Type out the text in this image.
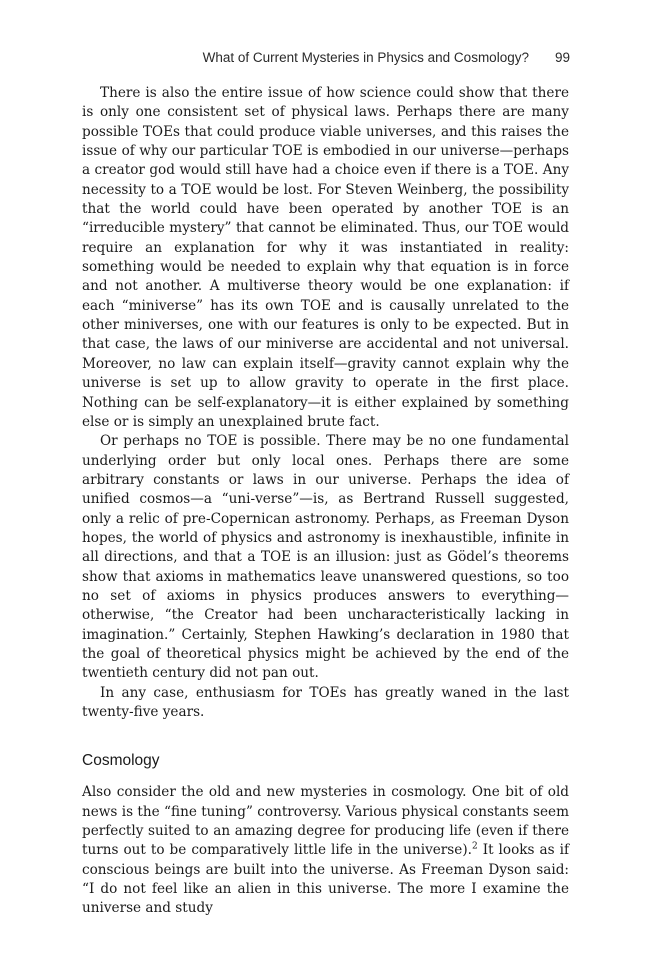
What of Current Mysteries in Physics and Cosmology? 99

There is also the entire issue of how science could show that there is only one consistent set of physical laws. Perhaps there are many possible TOEs that could produce viable universes, and this raises the issue of why our particular TOE is embodied in our universe—perhaps a creator god would still have had a choice even if there is a TOE. Any necessity to a TOE would be lost. For Steven Weinberg, the possibility that the world could have been operated by another TOE is an “irreducible mystery” that cannot be eliminated. Thus, our TOE would require an explanation for why it was instantiated in reality: something would be needed to explain why that equation is in force and not another. A multiverse theory would be one explanation: if each “miniverse” has its own TOE and is causally unrelated to the other miniverses, one with our features is only to be expected. But in that case, the laws of our miniverse are accidental and not universal. Moreover, no law can explain itself—gravity cannot explain why the universe is set up to allow gravity to operate in the first place. Nothing can be self-explanatory—it is either explained by something else or is simply an unexplained brute fact.

Or perhaps no TOE is possible. There may be no one fundamental underlying order but only local ones. Perhaps there are some arbitrary constants or laws in our universe. Perhaps the idea of unified cosmos—a “uni-verse”—is, as Bertrand Russell suggested, only a relic of pre-Copernican astronomy. Perhaps, as Freeman Dyson hopes, the world of physics and astronomy is inexhaustible, infinite in all directions, and that a TOE is an illusion: just as Gödel’s theorems show that axioms in mathematics leave unanswered questions, so too no set of axioms in physics produces answers to everything—otherwise, “the Creator had been uncharacteristically lacking in imagination.” Certainly, Stephen Hawking’s declaration in 1980 that the goal of theoretical physics might be achieved by the end of the twentieth century did not pan out.

In any case, enthusiasm for TOEs has greatly waned in the last twenty-five years.

Cosmology

Also consider the old and new mysteries in cosmology. One bit of old news is the “fine tuning” controversy. Various physical constants seem perfectly suited to an amazing degree for producing life (even if there turns out to be comparatively little life in the universe).$^2$ It looks as if conscious beings are built into the universe. As Freeman Dyson said: “I do not feel like an alien in this universe. The more I examine the universe and study
